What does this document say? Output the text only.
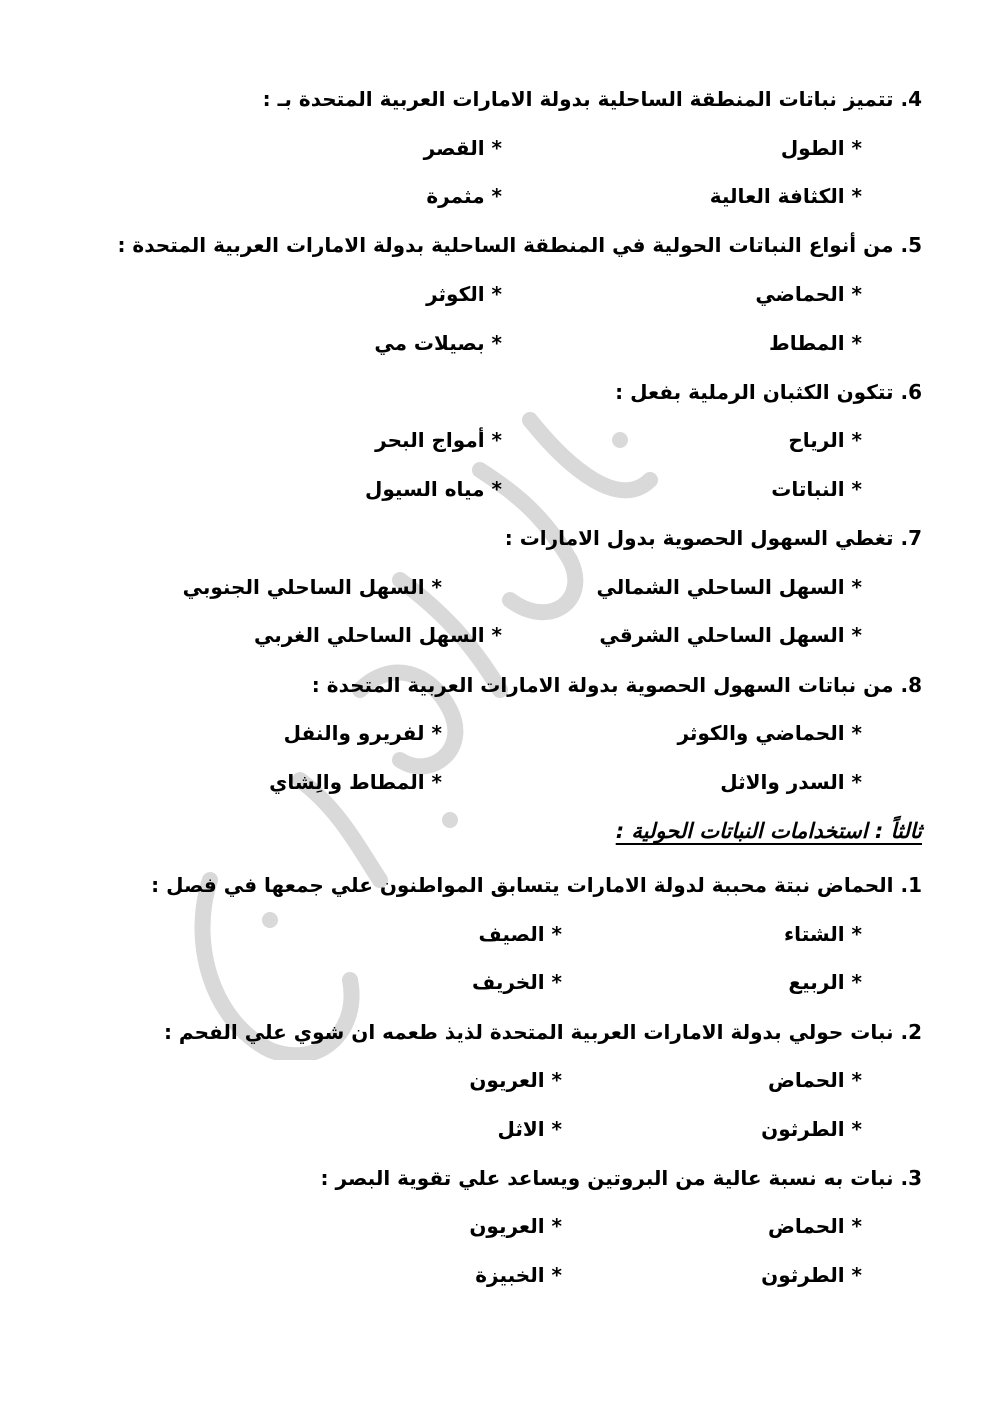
4. تتميز نباتات المنطقة الساحلية بدولة الامارات العربية المتحدة بـ :
* الطول
* القصر
* الكثافة العالية
* مثمرة
5. من أنواع النباتات الحولية في المنطقة الساحلية بدولة الامارات العربية المتحدة :
* الحماضي
* الكوثر
* المطاط
* بصيلات مي
6. تتكون الكثبان الرملية بفعل :
* الرياح
* أمواج البحر
* النباتات
* مياه السيول
7. تغطي السهول الحصوية بدول الامارات :
* السهل الساحلي الشمالي
* السهل الساحلي الجنوبي
* السهل الساحلي الشرقي
* السهل الساحلي الغربي
8. من نباتات السهول الحصوية بدولة الامارات العربية المتحدة :
* الحماضي والكوثر
* لفريرو والنفل
* السدر والاثل
* المطاط والِشاي
ثالثاً : استخدامات النباتات الحولية :
1. الحماض نبتة محببة لدولة الامارات يتسابق المواطنون علي جمعها في فصل :
* الشتاء
* الصيف
* الربيع
* الخريف
2. نبات حولي بدولة الامارات العربية المتحدة لذيذ طعمه ان شوي علي الفحم :
* الحماض
* العريون
* الطرثون
* الاثل
3. نبات به نسبة عالية من البروتين ويساعد علي تقوية البصر :
* الحماض
* العريون
* الطرثون
* الخبيزة
